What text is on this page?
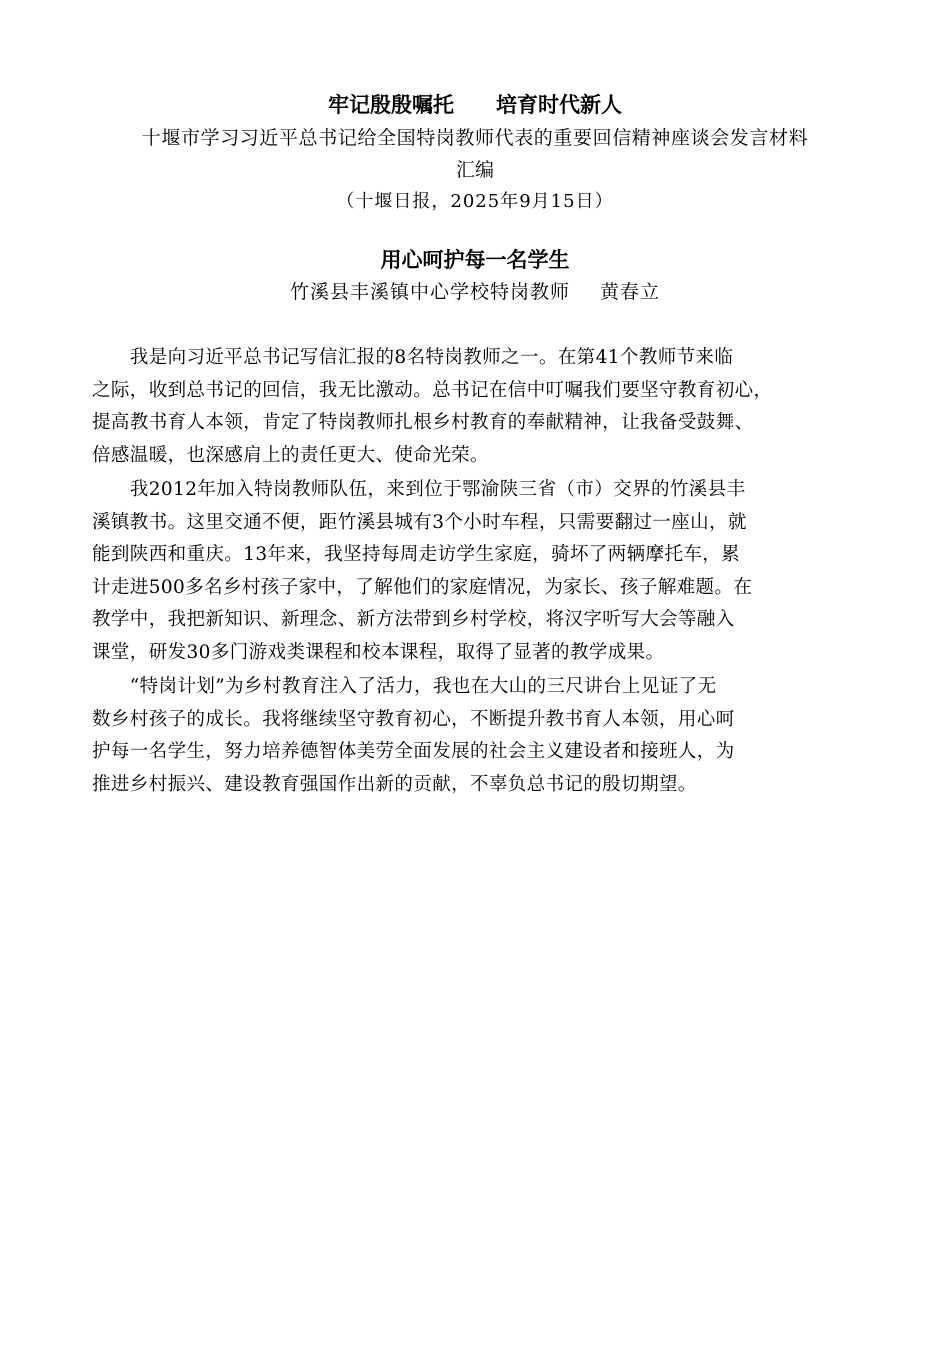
牢记殷殷嘱托 培育时代新人
十堰市学习习近平总书记给全国特岗教师代表的重要回信精神座谈会发言材料
汇编
（十堰日报，2025年9月15日）
用心呵护每一名学生
竹溪县丰溪镇中心学校特岗教师 黄春立
　　我是向习近平总书记写信汇报的8名特岗教师之一。在第41个教师节来临
之际，收到总书记的回信，我无比激动。总书记在信中叮嘱我们要坚守教育初心，
提高教书育人本领，肯定了特岗教师扎根乡村教育的奉献精神，让我备受鼓舞、
倍感温暖，也深感肩上的责任更大、使命光荣。
　　我2012年加入特岗教师队伍，来到位于鄂渝陕三省（市）交界的竹溪县丰
溪镇教书。这里交通不便，距竹溪县城有3个小时车程，只需要翻过一座山，就
能到陕西和重庆。13年来，我坚持每周走访学生家庭，骑坏了两辆摩托车，累
计走进500多名乡村孩子家中，了解他们的家庭情况，为家长、孩子解难题。在
教学中，我把新知识、新理念、新方法带到乡村学校，将汉字听写大会等融入
课堂，研发30多门游戏类课程和校本课程，取得了显著的教学成果。
　　“特岗计划”为乡村教育注入了活力，我也在大山的三尺讲台上见证了无
数乡村孩子的成长。我将继续坚守教育初心，不断提升教书育人本领，用心呵
护每一名学生，努力培养德智体美劳全面发展的社会主义建设者和接班人，为
推进乡村振兴、建设教育强国作出新的贡献，不辜负总书记的殷切期望。
